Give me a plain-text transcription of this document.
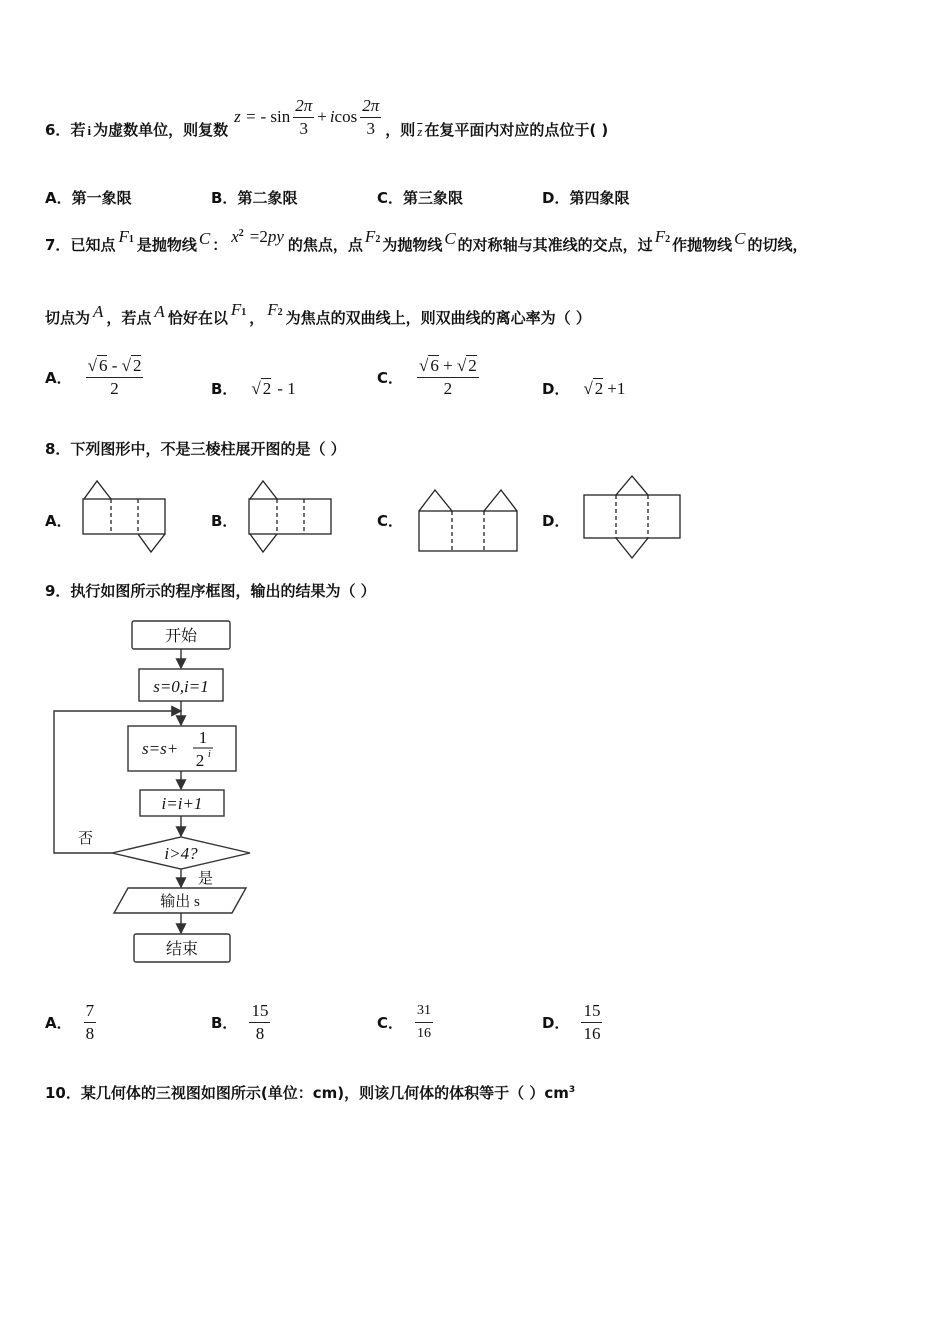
6． 若 i 为虚数单位，则复数
z = - $\sin \frac{2\pi}{3} + i$ $\cos \frac{2\pi}{3}$ ，则 $\overline{z}$ 在复平面内对应的点位于( )
A．第一象限	B．第二象限	C．第三象限	D．第四象限
7． 已知点 F1 是抛物线 C ： $x^2 =2py$ 的焦点，点 F2 为抛物线 C 的对称轴与其准线的交点，过 F2 作抛物线 C 的切线，
切点为 A ，若点 A 恰好在以 F1 ， F2 为焦点的双曲线上，则双曲线的离心率为（ ）
A． $\frac{√ 6 - √ 2}{2}$	B． √ 2 - 1
C． $\frac{√ 6 + √ 2}{2}$	D． √ 2 +1
8．下列图形中，不是三棱柱展开图的是（ ）
A．	B．	C．	D．
9．执行如图所示的程序框图，输出的结果为（ ）
开始
s=0,i=1
s=s+
1
2 i
i=i+1
i>4?
否
是
输出 s
结束
A． $\frac{7}{8}$	B． $\frac{15}{8}$	C． $\frac{31}{16}$	D． $\frac{15}{16}$
10．某几何体的三视图如图所示(单位：cm)，则该几何体的体积等于（ ）$cm^3$
